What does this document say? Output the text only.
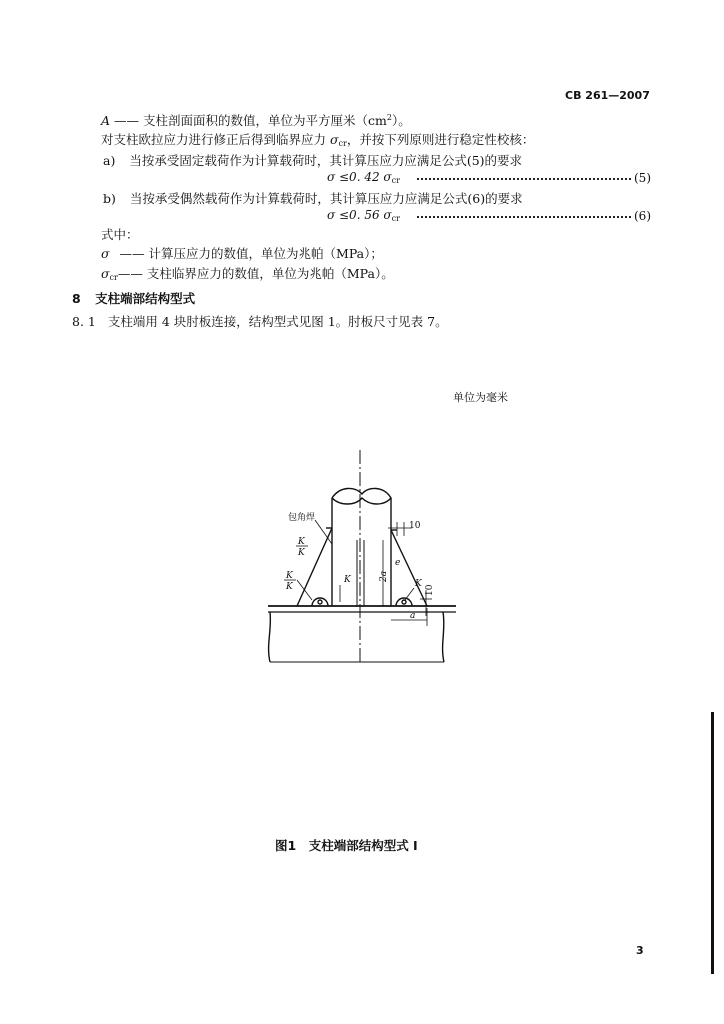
CB 261—2007
A —— 支柱剖面面积的数值，单位为平方厘米$(cm^2)$。
对支柱欧拉应力进行修正后得到临界应力 $\sigma_{cr}$，并按下列原则进行稳定性校核：
a) 当按承受固定载荷作为计算载荷时，其计算压应力应满足公式(5)的要求
σ ≤0. 42 $\sigma_{cr}$	(5)
b) 当按承受偶然载荷作为计算载荷时，其计算压应力应满足公式(6)的要求
σ ≤0. 56 $\sigma_{cr}$	(6)
式中：
σ —— 计算压应力的数值，单位为兆帕（MPa）；
$\sigma_{cr}——$ 支柱临界应力的数值，单位为兆帕（MPa）。
8 支柱端部结构型式
8. 1 支柱端用 4 块肘板连接，结构型式见图 1。肘板尺寸见表 7。
单位为毫米
包角焊
K
K
K
K
K	K
10
2a
e
10
a
图1　支柱端部结构型式 I
3
